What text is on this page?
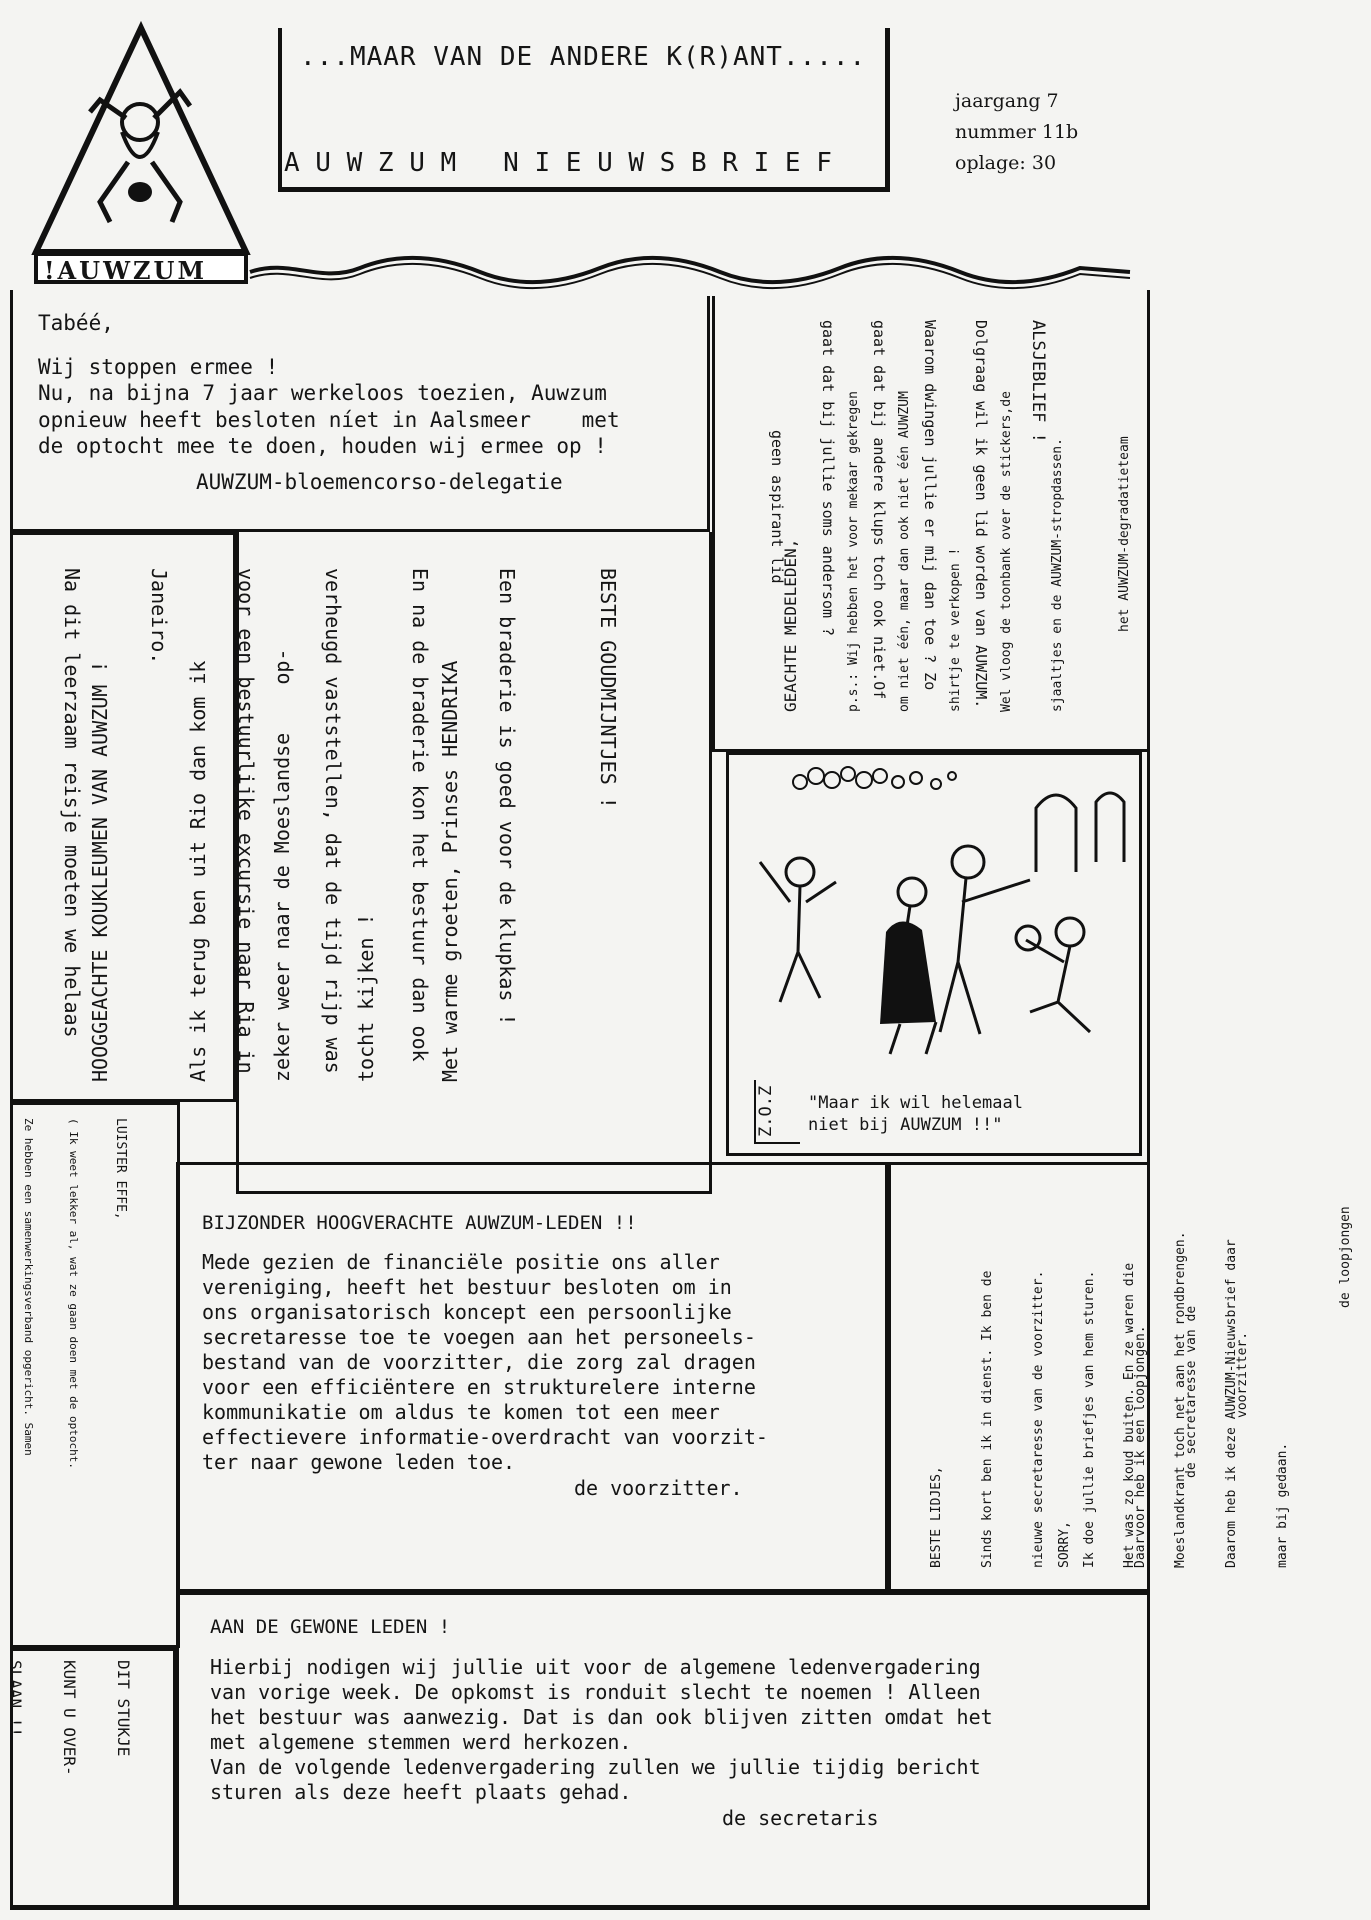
!AUWZUM
...MAAR VAN DE ANDERE K(R)ANT.....
A U W Z U M   N I E U W S B R I E F
jaargang 7
nummer 11b
oplage: 30
Tabéé,
Wij stoppen ermee !
Nu, na bijna 7 jaar werkeloos toezien, Auwzum
opnieuw heeft besloten níet in Aalsmeer    met
de optocht mee te doen, houden wij ermee op !
AUWZUM-bloemencorso-delegatie

ALSJEBLIEF !

Dolgraag wil ik geen lid worden van AUWZUM.

Waarom dwingen jullie er mij dan toe ? Zo

gaat dat bij andere klups toch ook niet.Of

gaat dat bij jullie soms andersom ?

geen aspirant lid

GEACHTE MEDELEDEN,

	p.s.: Wij hebben het voor mekaar gekregen

	om niet één, maar dan ook niet één AUWZUM

	shirtje te verkopen !

	Wel vloog de toonbank over de stickers,de

	sjaaltjes en de AUWZUM-stropdassen.

	het AUWZUM-degradatieteam

HOOGGEACHTE KOUKLEUMEN VAN AUWZUM !

	Als ik terug ben uit Rio dan kom ik

	zeker weer naar de Moeslandse    op-

	tocht kijken !

	Met warme groeten, Prinses HENDRIKA

	BESTE GOUDMIJNTJES !

Een braderie is goed voor de klupkas !

En na de braderie kon het bestuur dan ook

verheugd vaststellen, dat de tijd rijp was

voor een bestuurlijke excursie naar Ria in

Janeiro.

Na dit leerzaam reisje moeten we helaas

Z.O.Z	"Maar ik wil helemaal
niet bij AUWZUM !!"

LUISTER EFFE,

( Ik weet lekker al, wat ze gaan doen met de optocht.

Ze hebben een samenwerkingsverband opgericht. Samen

	BIJZONDER HOOGVERACHTE AUWZUM-LEDEN !!
Mede gezien de financiële positie ons aller
vereniging, heeft het bestuur besloten om in
ons organisatorisch koncept een persoonlijke
secretaresse toe te voegen aan het personeels-
bestand van de voorzitter, die zorg zal dragen
voor een efficiëntere en strukturelere interne
kommunikatie om aldus te komen tot een meer
effectievere informatie-overdracht van voorzit-
ter naar gewone leden toe.
de voorzitter.

	BESTE LIDJES,

	Sinds kort ben ik in dienst. Ik ben de

	nieuwe secretaresse van de voorzitter.

	Ik doe jullie briefjes van hem sturen.

	Daarvoor heb ik een loopjongen.

	de secretaresse van de

	voorzitter.

SORRY,

	Het was zo koud buiten. En ze waren die

	Moeslandkrant toch net aan het rondbrengen.

	Daarom heb ik deze AUWZUM-Nieuwsbrief daar

	maar bij gedaan.

de loopjongen

DIT STUKJE

KUNT U OVER-

SLAAN !!

AAN DE GEWONE LEDEN !
Hierbij nodigen wij jullie uit voor de algemene ledenvergadering
van vorige week. De opkomst is ronduit slecht te noemen ! Alleen
het bestuur was aanwezig. Dat is dan ook blijven zitten omdat het
met algemene stemmen werd herkozen.
Van de volgende ledenvergadering zullen we jullie tijdig bericht
sturen als deze heeft plaats gehad.
de secretaris
